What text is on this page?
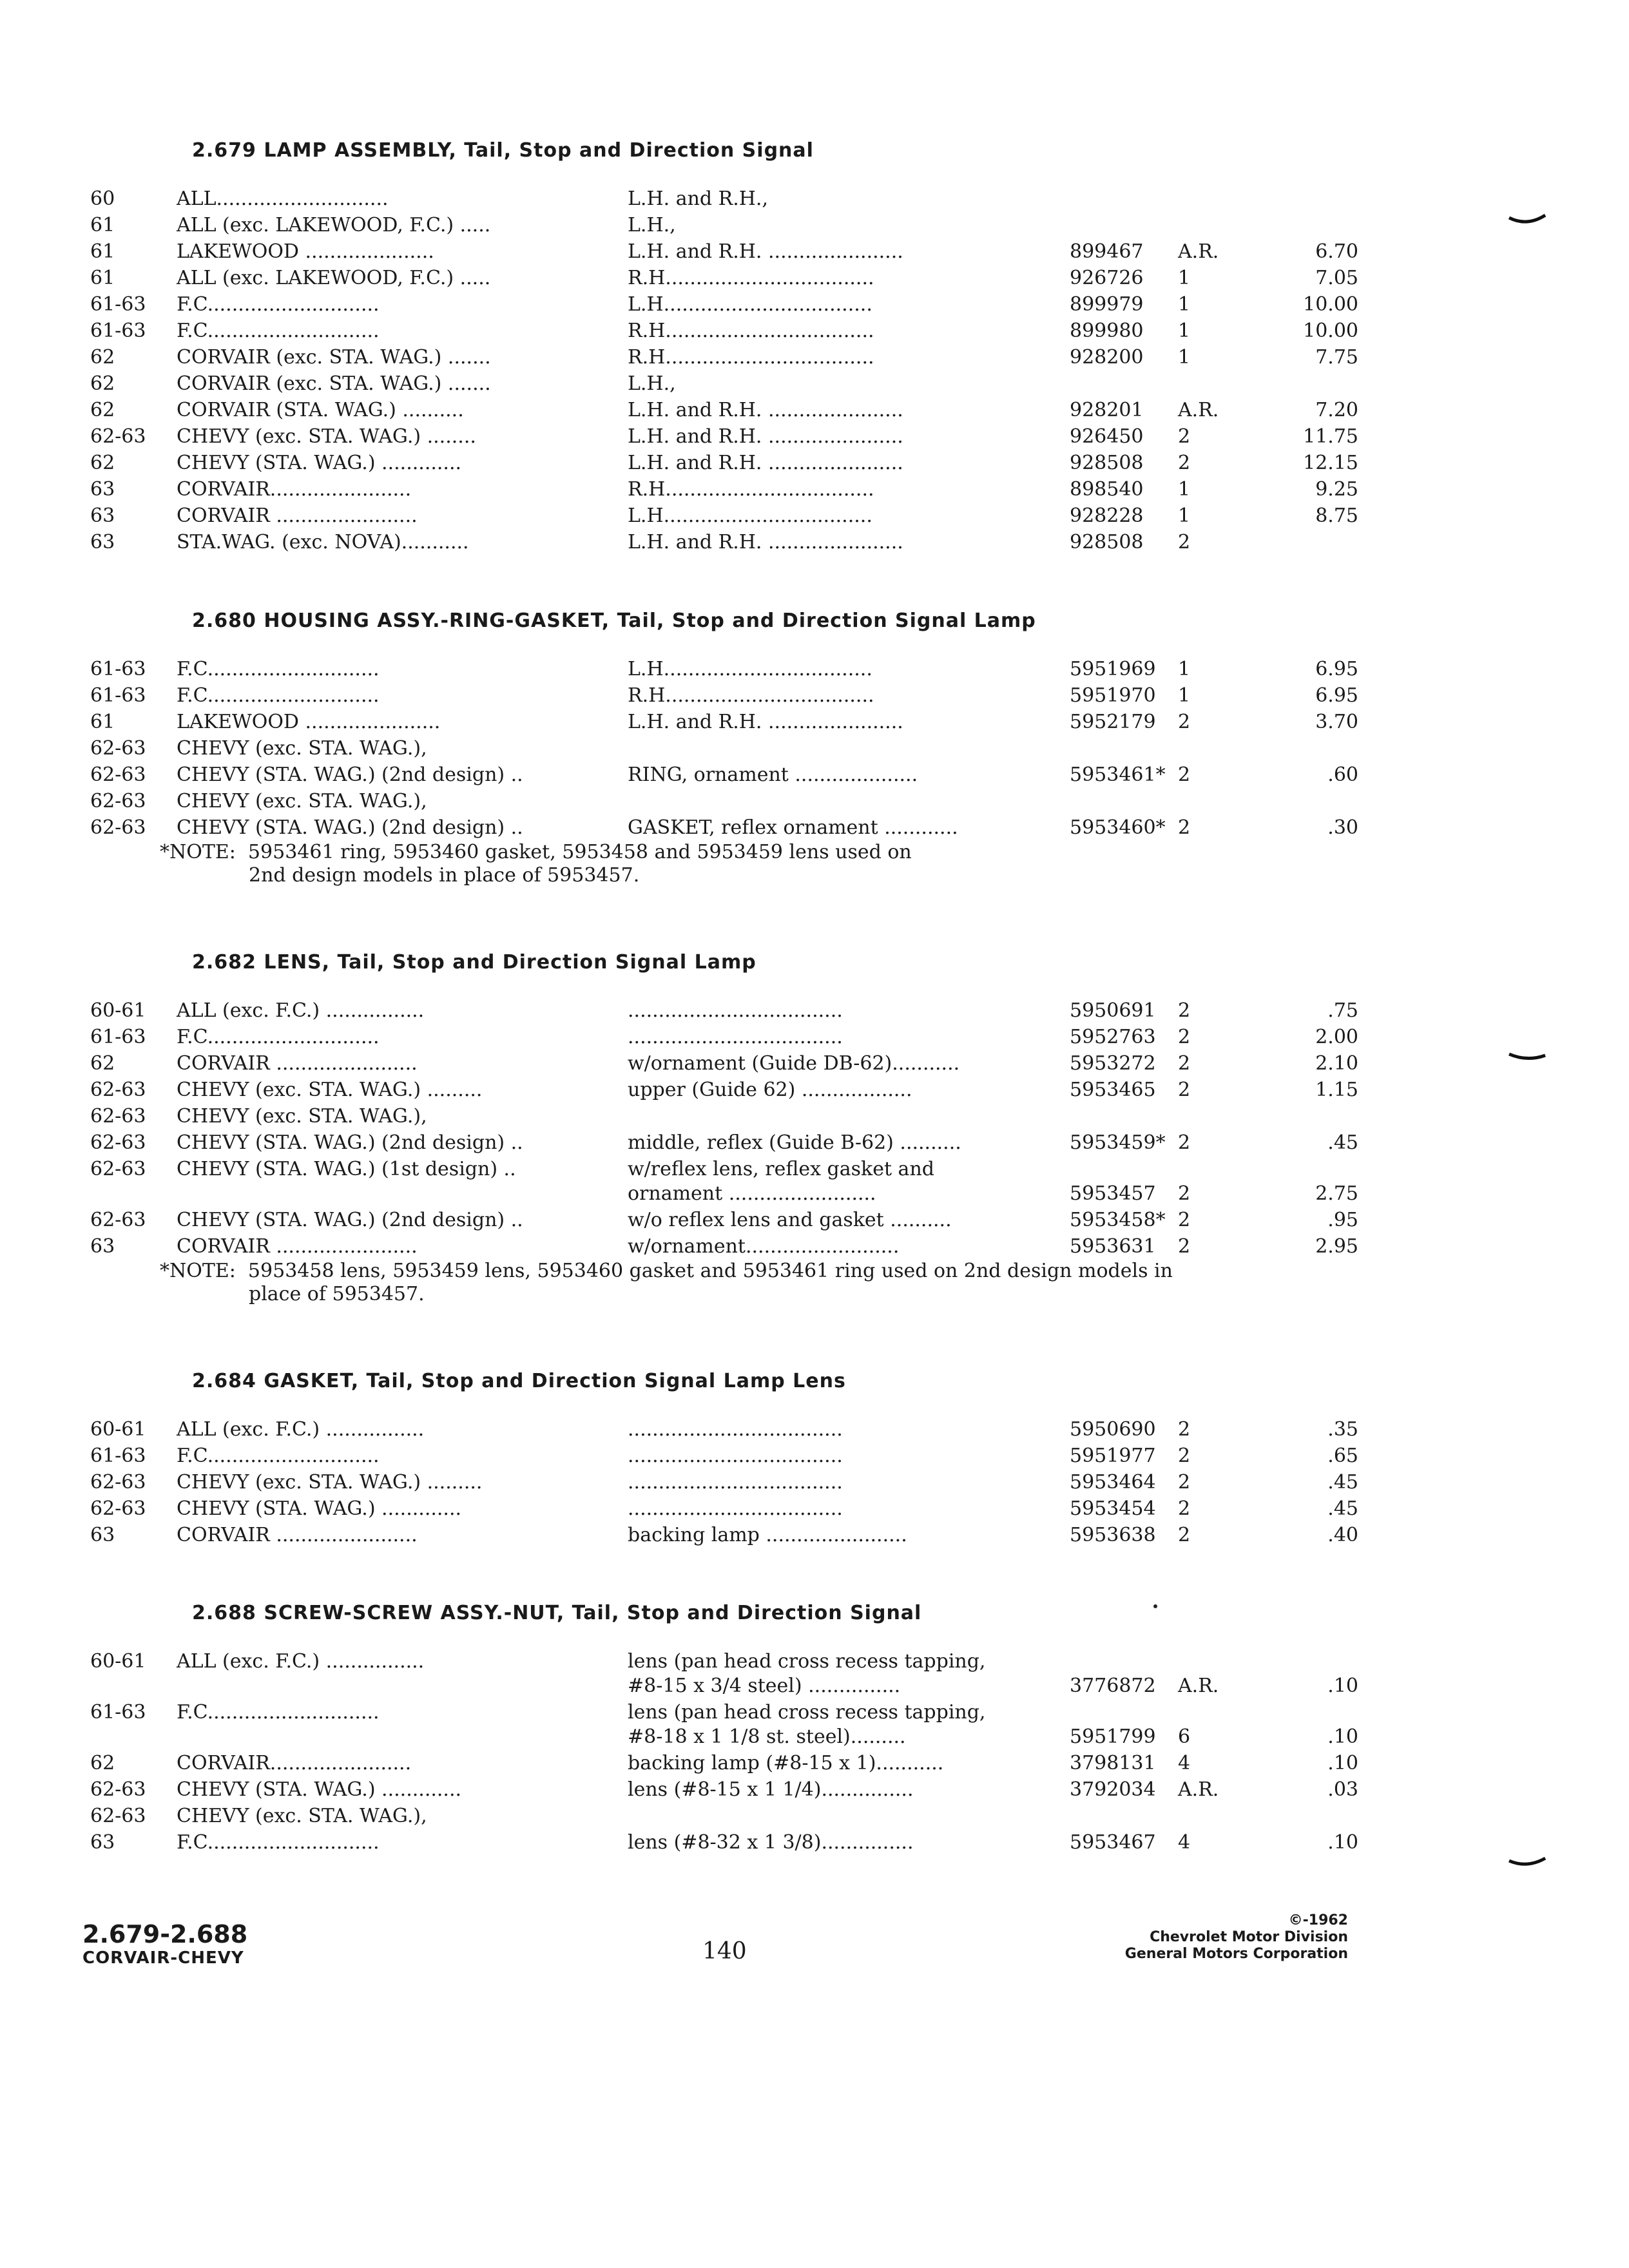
2.679 LAMP ASSEMBLY, Tail, Stop and Direction Signal
60	ALL............................	L.H. and R.H.,
61	ALL (exc. LAKEWOOD, F.C.) .....	L.H.,
61	LAKEWOOD .....................	L.H. and R.H. ......................	899467 A.R.	6.70
61	ALL (exc. LAKEWOOD, F.C.) .....	R.H..................................	926726 1	7.05
61-63 F.C............................	L.H..................................	899979 1	10.00
61-63 F.C............................	R.H..................................	899980 1	10.00
62	CORVAIR (exc. STA. WAG.) .......	R.H..................................	928200 1	7.75
62	CORVAIR (exc. STA. WAG.) .......	L.H.,
62	CORVAIR (STA. WAG.) ..........	L.H. and R.H. ......................	928201 A.R.	7.20
62-63 CHEVY (exc. STA. WAG.) ........	L.H. and R.H. ......................	926450 2	11.75
62	CHEVY (STA. WAG.) .............	L.H. and R.H. ......................	928508 2	12.15
63	CORVAIR.......................	R.H..................................	898540 1	9.25
63	CORVAIR .......................	L.H..................................	928228 1	8.75
63	STA.WAG. (exc. NOVA)...........	L.H. and R.H. ......................	928508 2
2.680 HOUSING ASSY.-RING-GASKET, Tail, Stop and Direction Signal Lamp
61-63 F.C............................	L.H..................................	5951969 1	6.95
61-63 F.C............................	R.H..................................	5951970 1	6.95
61	LAKEWOOD ......................	L.H. and R.H. ......................	5952179 2	3.70
62-63 CHEVY (exc. STA. WAG.),
62-63 CHEVY (STA. WAG.) (2nd design) ..	RING, ornament ....................	5953461* 2	.60
62-63 CHEVY (exc. STA. WAG.),
62-63 CHEVY (STA. WAG.) (2nd design) ..	GASKET, reflex ornament ............	5953460* 2	.30
*NOTE:  5953461 ring, 5953460 gasket, 5953458 and 5953459 lens used on
2nd design models in place of 5953457.
2.682 LENS, Tail, Stop and Direction Signal Lamp
60-61 ALL (exc. F.C.) ................	...................................	5950691 2	.75
61-63 F.C............................	...................................	5952763 2	2.00
62	CORVAIR .......................	w/ornament (Guide DB-62)...........	5953272 2	2.10
62-63 CHEVY (exc. STA. WAG.) .........	upper (Guide 62) ..................	5953465 2	1.15
62-63 CHEVY (exc. STA. WAG.),
62-63 CHEVY (STA. WAG.) (2nd design) ..	middle, reflex (Guide B-62) ..........	5953459* 2	.45
62-63 CHEVY (STA. WAG.) (1st design) ..	w/reflex lens, reflex gasket and
ornament ........................	5953457 2	2.75
62-63 CHEVY (STA. WAG.) (2nd design) ..	w/o reflex lens and gasket ..........	5953458* 2	.95
63	CORVAIR .......................	w/ornament.........................	5953631 2	2.95
*NOTE:  5953458 lens, 5953459 lens, 5953460 gasket and 5953461 ring used on 2nd design models in
place of 5953457.
2.684 GASKET, Tail, Stop and Direction Signal Lamp Lens
60-61 ALL (exc. F.C.) ................	...................................	5950690 2	.35
61-63 F.C............................	...................................	5951977 2	.65
62-63 CHEVY (exc. STA. WAG.) .........	...................................	5953464 2	.45
62-63 CHEVY (STA. WAG.) .............	...................................	5953454 2	.45
63	CORVAIR .......................	backing lamp .......................	5953638 2	.40
2.688 SCREW-SCREW ASSY.-NUT, Tail, Stop and Direction Signal
60-61 ALL (exc. F.C.) ................	lens (pan head cross recess tapping,
#8-15 x 3/4 steel) ...............	3776872 A.R.	.10
61-63 F.C............................	lens (pan head cross recess tapping,
#8-18 x 1 1/8 st. steel).........	5951799 6	.10
62	CORVAIR.......................	backing lamp (#8-15 x 1)...........	3798131 4	.10
62-63 CHEVY (STA. WAG.) .............	lens (#8-15 x 1 1/4)...............	3792034 A.R.	.03
62-63 CHEVY (exc. STA. WAG.),
63	F.C............................	lens (#8-32 x 1 3/8)...............	5953467 4	.10
2.679-2.688
CORVAIR-CHEVY	140
©-1962
Chevrolet Motor Division
General Motors Corporation
